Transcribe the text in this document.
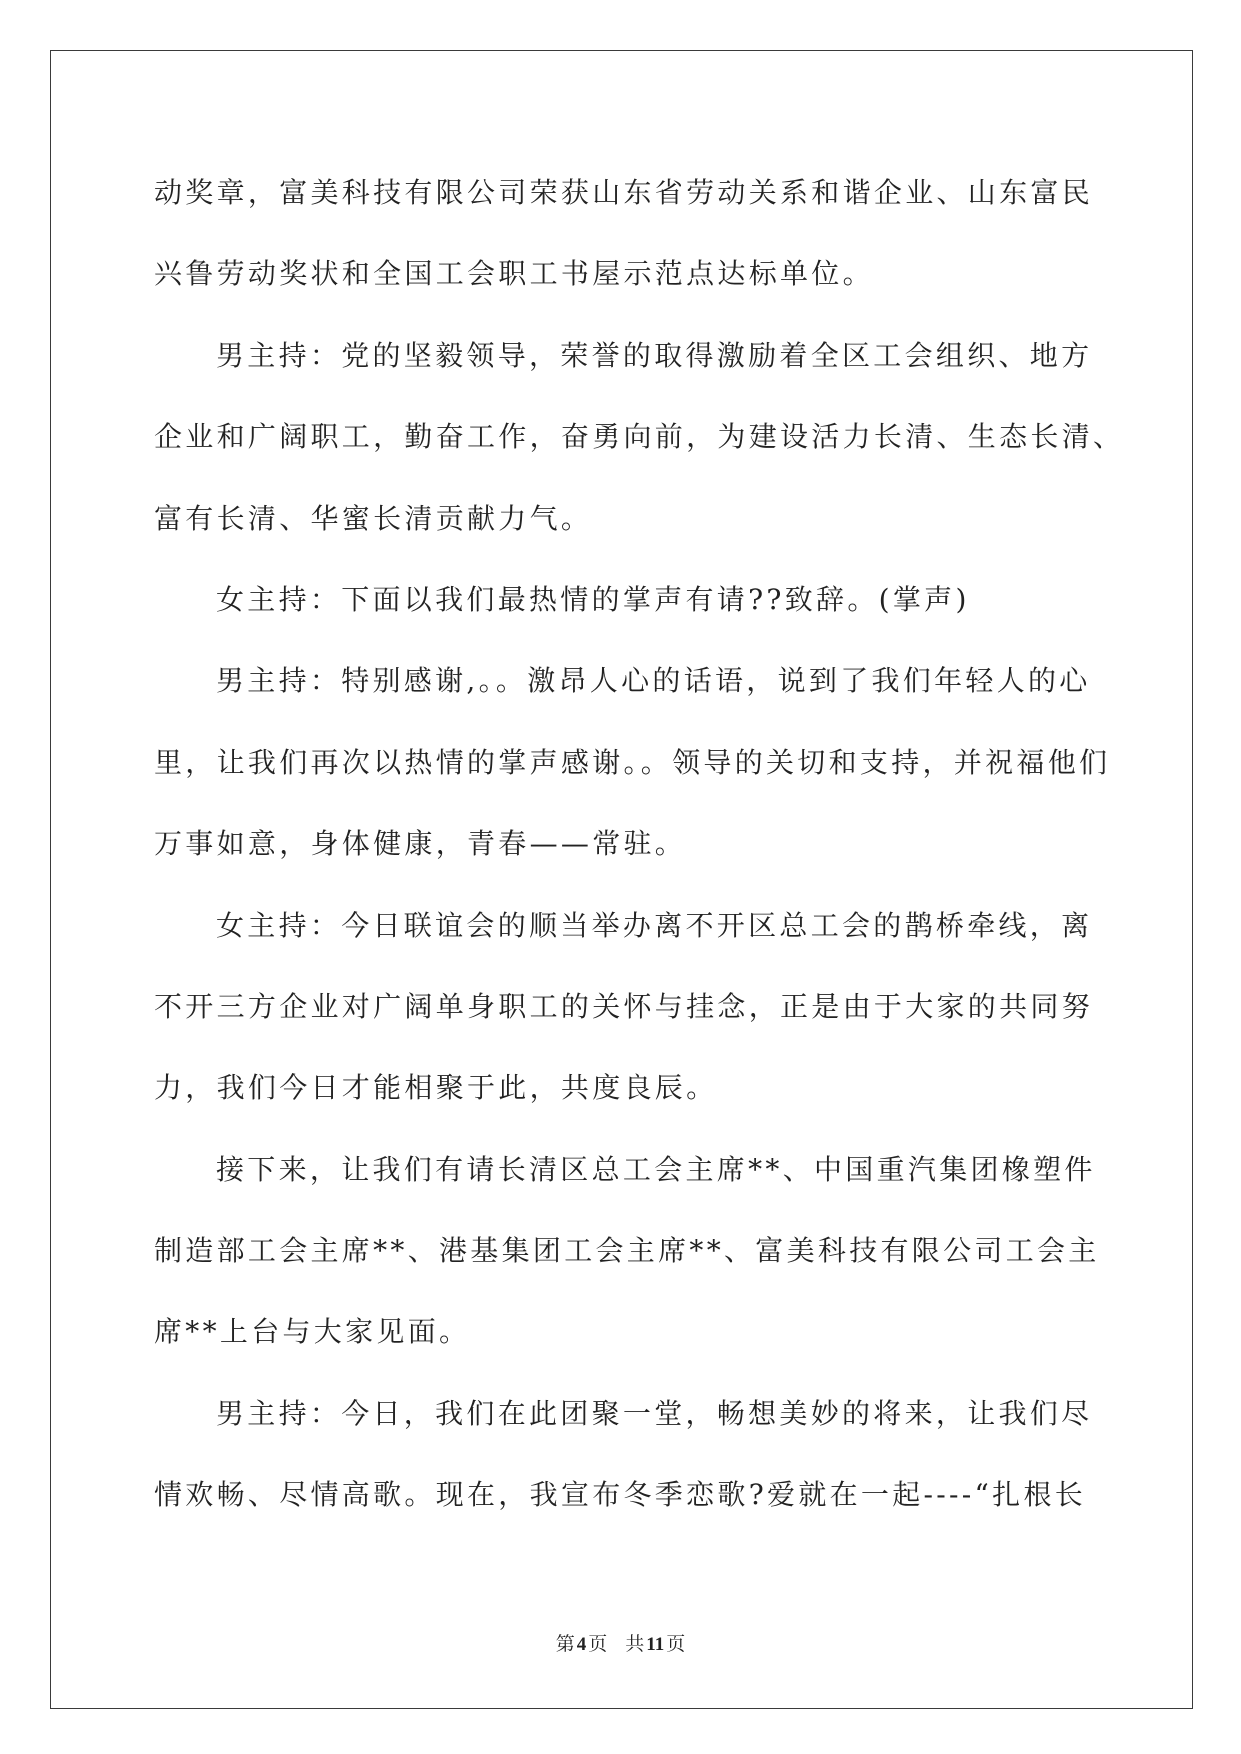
动奖章，富美科技有限公司荣获山东省劳动关系和谐企业、山东富民
兴鲁劳动奖状和全国工会职工书屋示范点达标单位。
男主持：党的坚毅领导，荣誉的取得激励着全区工会组织、地方
企业和广阔职工，勤奋工作，奋勇向前，为建设活力长清、生态长清、
富有长清、华蜜长清贡献力气。
女主持：下面以我们最热情的掌声有请??致辞。(掌声)
男主持：特别感谢,。。激昂人心的话语，说到了我们年轻人的心
里，让我们再次以热情的掌声感谢。。领导的关切和支持，并祝福他们
万事如意，身体健康，青春——常驻。
女主持：今日联谊会的顺当举办离不开区总工会的鹊桥牵线，离
不开三方企业对广阔单身职工的关怀与挂念，正是由于大家的共同努
力，我们今日才能相聚于此，共度良辰。
接下来，让我们有请长清区总工会主席**、中国重汽集团橡塑件
制造部工会主席**、港基集团工会主席**、富美科技有限公司工会主
席**上台与大家见面。
男主持：今日，我们在此团聚一堂，畅想美妙的将来，让我们尽
情欢畅、尽情高歌。现在，我宣布冬季恋歌?爱就在一起----“扎根长
第 4 页 共 11 页
